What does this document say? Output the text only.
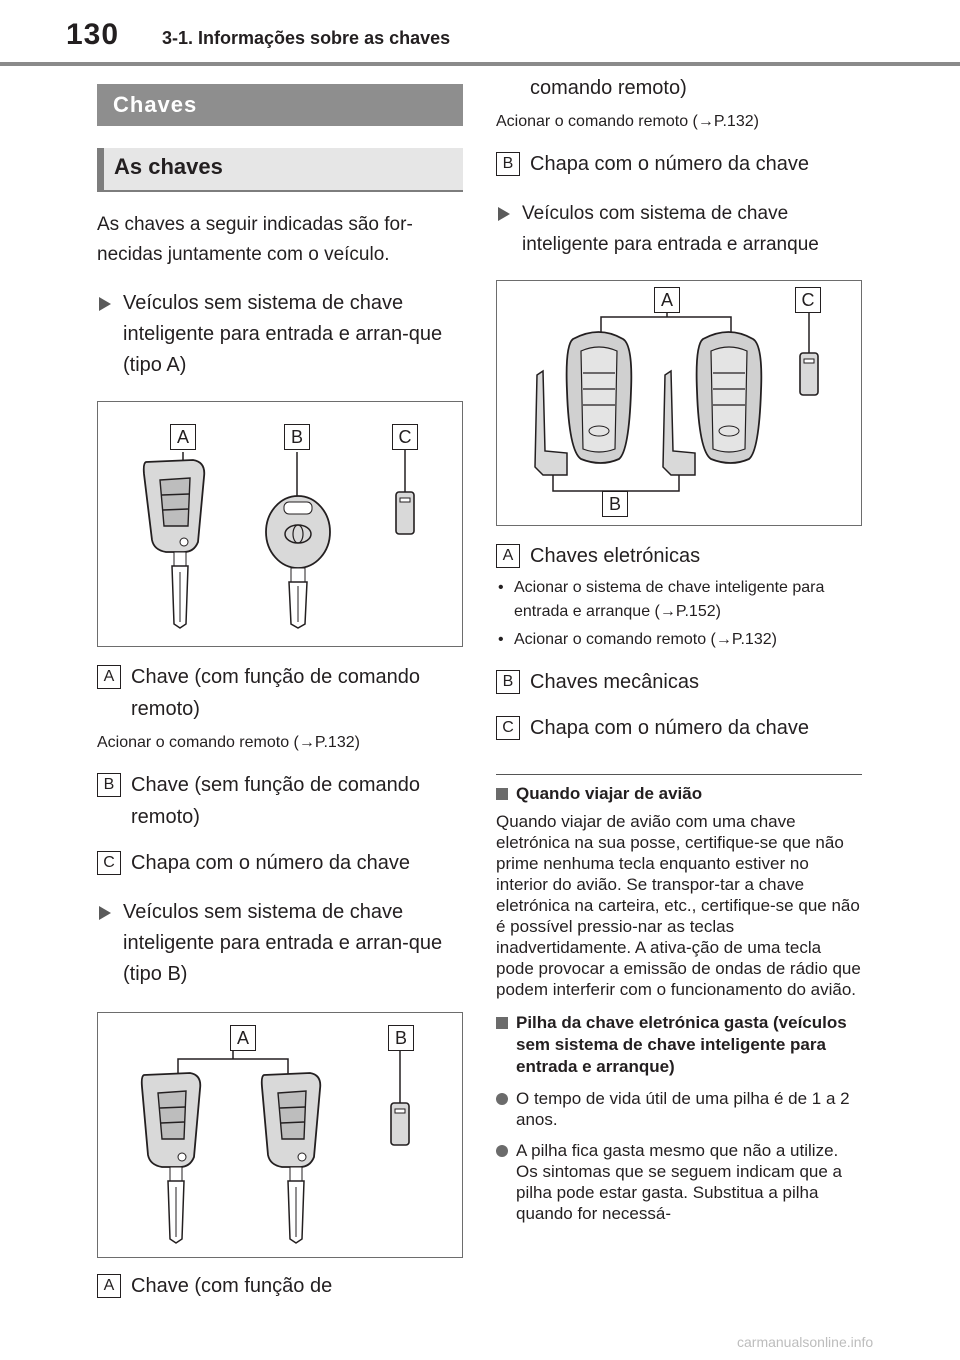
130 3-1. Informações sobre as chaves
Chaves
As chaves

As chaves a seguir indicadas são for-necidas juntamente com o veículo.

Veículos sem sistema de chave inteligente para entrada e arran-que (tipo A)
A	B	C
A Chave (com função de comando remoto)
Acionar o comando remoto (→P.132)
B Chave (sem função de comando remoto)
C Chapa com o número da chave
Veículos sem sistema de chave inteligente para entrada e arran-que (tipo B)
A	B
A Chave (com função de
comando remoto)
Acionar o comando remoto (→P.132)
B Chapa com o número da chave
Veículos com sistema de chave inteligente para entrada e arranque
A	C
B
A Chaves eletrónicas
• Acionar o sistema de chave inteligente para entrada e arranque (→P.152)
• Acionar o comando remoto (→P.132)
B Chaves mecânicas
C Chapa com o número da chave
Quando viajar de avião
Quando viajar de avião com uma chave eletrónica na sua posse, certifique-se que não prime nenhuma tecla enquanto estiver no interior do avião. Se transpor-tar a chave eletrónica na carteira, etc., certifique-se que não é possível pressio-nar as teclas inadvertidamente. A ativa-ção de uma tecla pode provocar a emissão de ondas de rádio que podem interferir com o funcionamento do avião.
Pilha da chave eletrónica gasta (veículos sem sistema de chave inteligente para entrada e arranque)
O tempo de vida útil de uma pilha é de 1 a 2 anos.
A pilha fica gasta mesmo que não a utilize. Os sintomas que se seguem indicam que a pilha pode estar gasta. Substitua a pilha quando for necessá-
carmanualsonline.info
